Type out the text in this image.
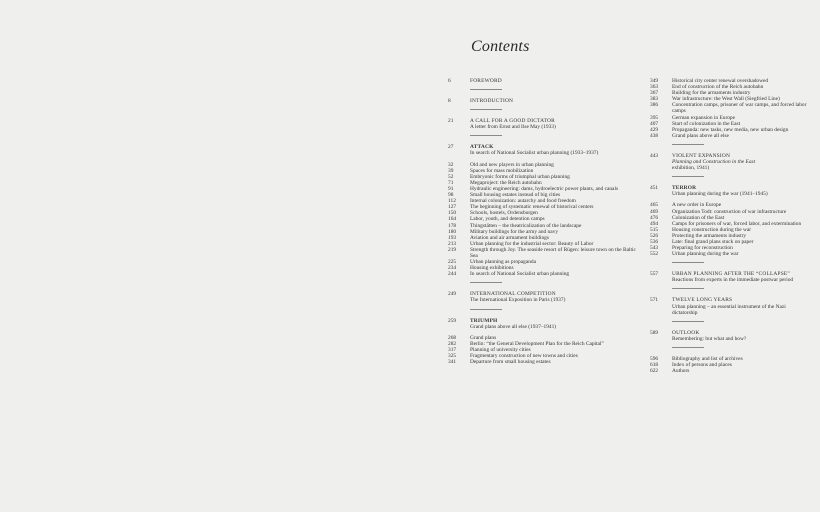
Contents
6	FOREWORD
8	INTRODUCTION
21	A CALL FOR A GOOD DICTATOR
A letter from Ernst and Ilse May (1933)
27	ATTACK
In search of National Socialist urban planning (1933–1937)
32	Old and new players in urban planning
39	Spaces for mass mobilization
52	Embryonic forms of triumphal urban planning
71	Megaproject: the Reich autobahn
91	Hydraulic engineering: dams, hydroelectric power plants, and canals
98	Small housing estates instead of big cities
112	Internal colonization: autarchy and food freedom
127	The beginning of systematic renewal of historical centers
150	Schools, hostels, Ordensburgen
164	Labor, youth, and detention camps
178	Thingstätten – the theatricalization of the landscape
180	Military buildings for the army and navy
193	Aviation and air armament buildings
213	Urban planning for the industrial sector: Beauty of Labor
219	Strength through Joy. The seaside resort of Rügen: leisure town on the Baltic Sea
225	Urban planning as propaganda
234	Housing exhibitions
244	In search of National Socialist urban planning
249	INTERNATIONAL COMPETITION
The International Exposition in Paris (1937)
259	TRIUMPH
Grand plans above all else (1937–1941)
268	Grand plans
282	Berlin: “the General Development Plan for the Reich Capital”
317	Planning of university cities
325	Fragmentary construction of new towns and cities
341	Departure from small housing estates
349	Historical city center renewal overshadowed
363	End of construction of the Reich autobahn
367	Building for the armaments industry
383	War infrastructure: the West Wall (Siegfried Line)
386	Concentration camps, prisoner of war camps, and forced labor camps
395	German expansion in Europe
407	Start of colonization in the East
429	Propaganda: new tasks, new media, new urban design
438	Grand plans above all else
443	VIOLENT EXPANSION
Planning and Construction in the East
exhibition, 1941)
451	TERROR
Urban planning during the war (1941–1945)
465	A new order in Europe
469	Organization Todt: construction of war infrastructure
476	Colonization of the East
494	Camps for prisoners of war, forced labor, and extermination
515	Housing construction during the war
526	Protecting the armaments industry
536	Late: final grand plans stuck on paper
543	Preparing for reconstruction
552	Urban planning during the war
557	URBAN PLANNING AFTER THE “COLLAPSE”
Reactions from experts in the immediate postwar period
571	TWELVE LONG YEARS
Urban planning – an essential instrument of the Nazi dictatorship
589	OUTLOOK
Remembering: but what and how?
596	Bibliography and list of archives
618	Index of persons and places
622	Authors
